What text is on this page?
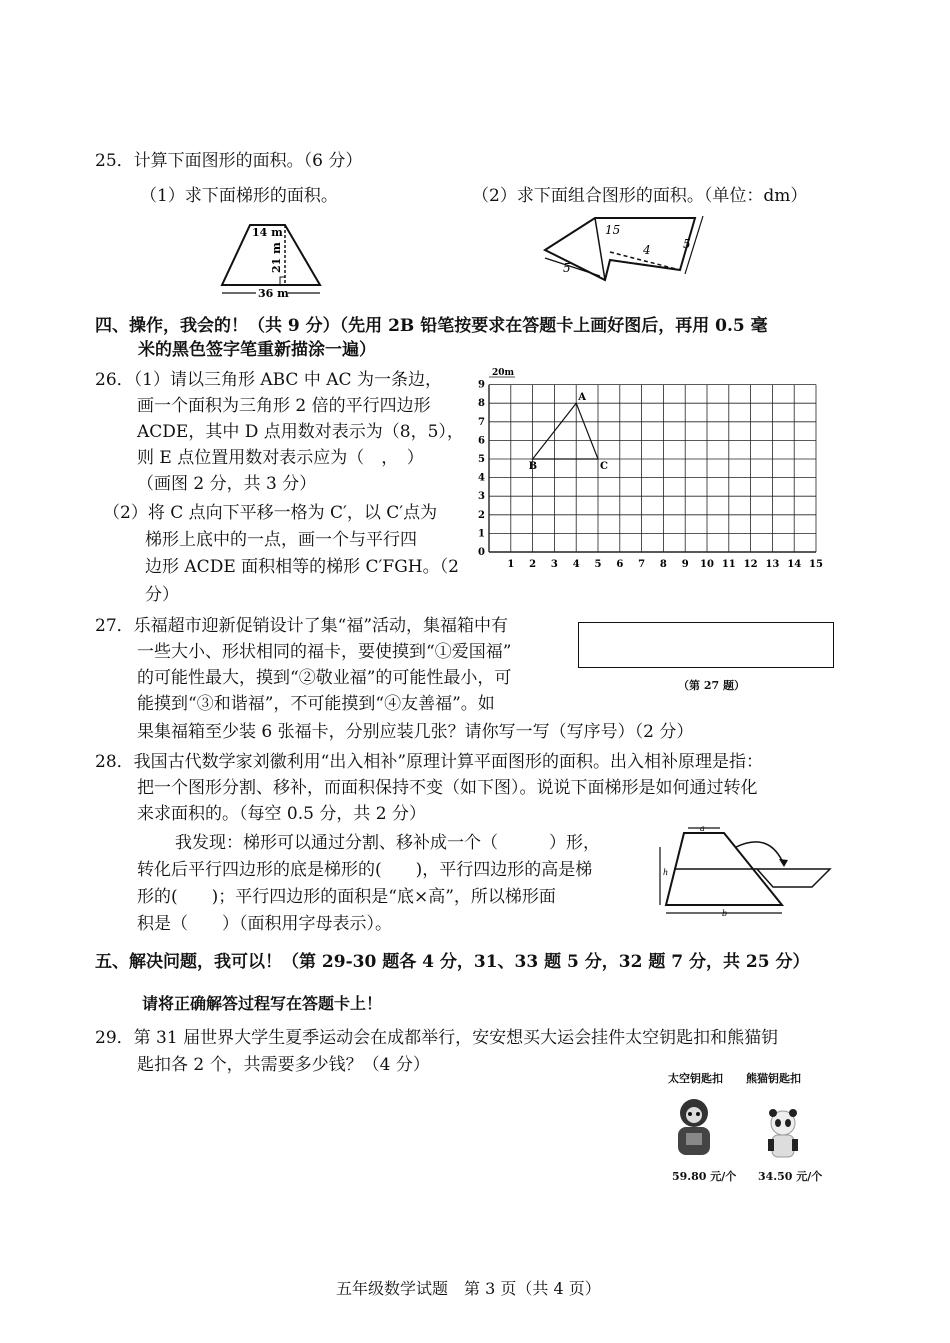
25．计算下面图形的面积。（6 分）
（1）求下面梯形的面积。	（2）求下面组合图形的面积。（单位：dm）
14 m
21 m
36 m
15
4	5
5
四、操作，我会的！（共 9 分）（先用 2B 铅笔按要求在答题卡上画好图后，再用 0.5 毫
米的黑色签字笔重新描涂一遍）
26．（1）请以三角形 ABC 中 AC 为一条边，
画一个面积为三角形 2 倍的平行四边形
ACDE，其中 D 点用数对表示为（8，5），
则 E 点位置用数对表示应为（　，　）
（画图 2 分，共 3 分）
（2）将 C 点向下平移一格为 C′，以 C′点为
梯形上底中的一点，画一个与平行四
边形 ACDE 面积相等的梯形 C′FGH。（2
分）
1 2 3 4 5 6 7 8 9 10 11 12 13 14 15
0
1
2
3
4
5
6
7
8
9
A
B	C
20m
27．乐福超市迎新促销设计了集“福”活动，集福箱中有
一些大小、形状相同的福卡，要使摸到“①爱国福”
的可能性最大，摸到“②敬业福”的可能性最小，可
能摸到“③和谐福”，不可能摸到“④友善福”。如
果集福箱至少装 6 张福卡，分别应装几张？请你写一写（写序号）（2 分）
（第 27 题）
28．我国古代数学家刘徽利用“出入相补”原理计算平面图形的面积。出入相补原理是指：
把一个图形分割、移补，而面积保持不变（如下图）。说说下面梯形是如何通过转化
来求面积的。（每空 0.5 分，共 2 分）
我发现：梯形可以通过分割、移补成一个（　　　）形，
转化后平行四边形的底是梯形的(　　)，平行四边形的高是梯
形的(　　)；平行四边形的面积是“底×高”，所以梯形面
积是（　　）（面积用字母表示）。
a
h
b
五、解决问题，我可以！（第 29-30 题各 4 分，31、33 题 5 分，32 题 7 分，共 25 分）
请将正确解答过程写在答题卡上！
29．第 31 届世界大学生夏季运动会在成都举行，安安想买大运会挂件太空钥匙扣和熊猫钥
匙扣各 2 个，共需要多少钱？（4 分）
太空钥匙扣 熊猫钥匙扣
59.80 元/个 34.50 元/个
五年级数学试题　第 3 页（共 4 页）
